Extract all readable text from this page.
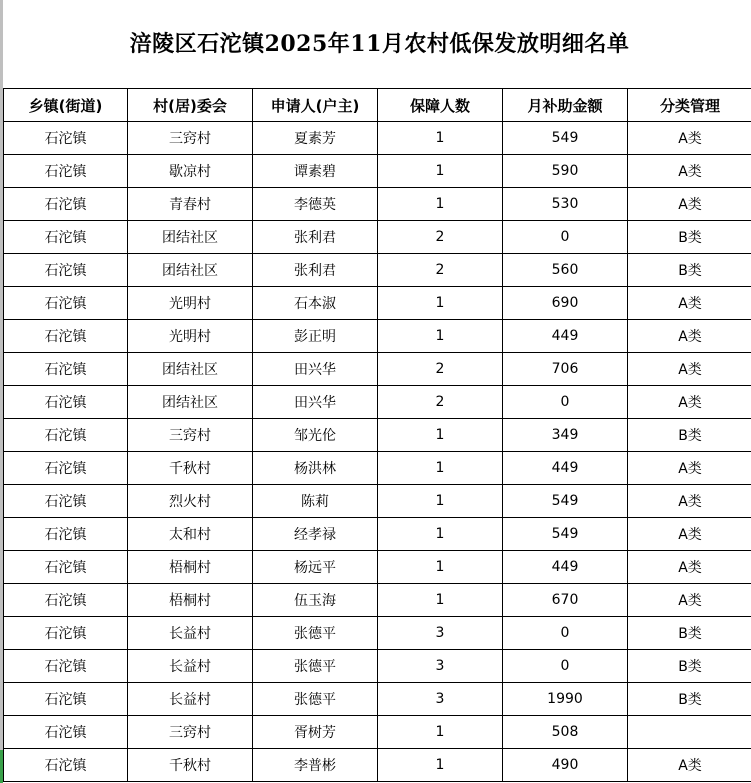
涪陵区石沱镇2025年11月农村低保发放明细名单
乡镇(街道)	村(居)委会	申请人(户主)	保障人数	月补助金额	分类管理
石沱镇	三窍村	夏素芳	1	549	A类
石沱镇	歇凉村	谭素碧	1	590	A类
石沱镇	青春村	李德英	1	530	A类
石沱镇	团结社区	张利君	2	0	B类
石沱镇	团结社区	张利君	2	560	B类
石沱镇	光明村	石本淑	1	690	A类
石沱镇	光明村	彭正明	1	449	A类
石沱镇	团结社区	田兴华	2	706	A类
石沱镇	团结社区	田兴华	2	0	A类
石沱镇	三窍村	邹光伦	1	349	B类
石沱镇	千秋村	杨洪林	1	449	A类
石沱镇	烈火村	陈莉	1	549	A类
石沱镇	太和村	经孝禄	1	549	A类
石沱镇	梧桐村	杨远平	1	449	A类
石沱镇	梧桐村	伍玉海	1	670	A类
石沱镇	长益村	张德平	3	0	B类
石沱镇	长益村	张德平	3	0	B类
石沱镇	长益村	张德平	3	1990	B类
石沱镇	三窍村	胥树芳	1	508	
石沱镇	千秋村	李普彬	1	490	A类
